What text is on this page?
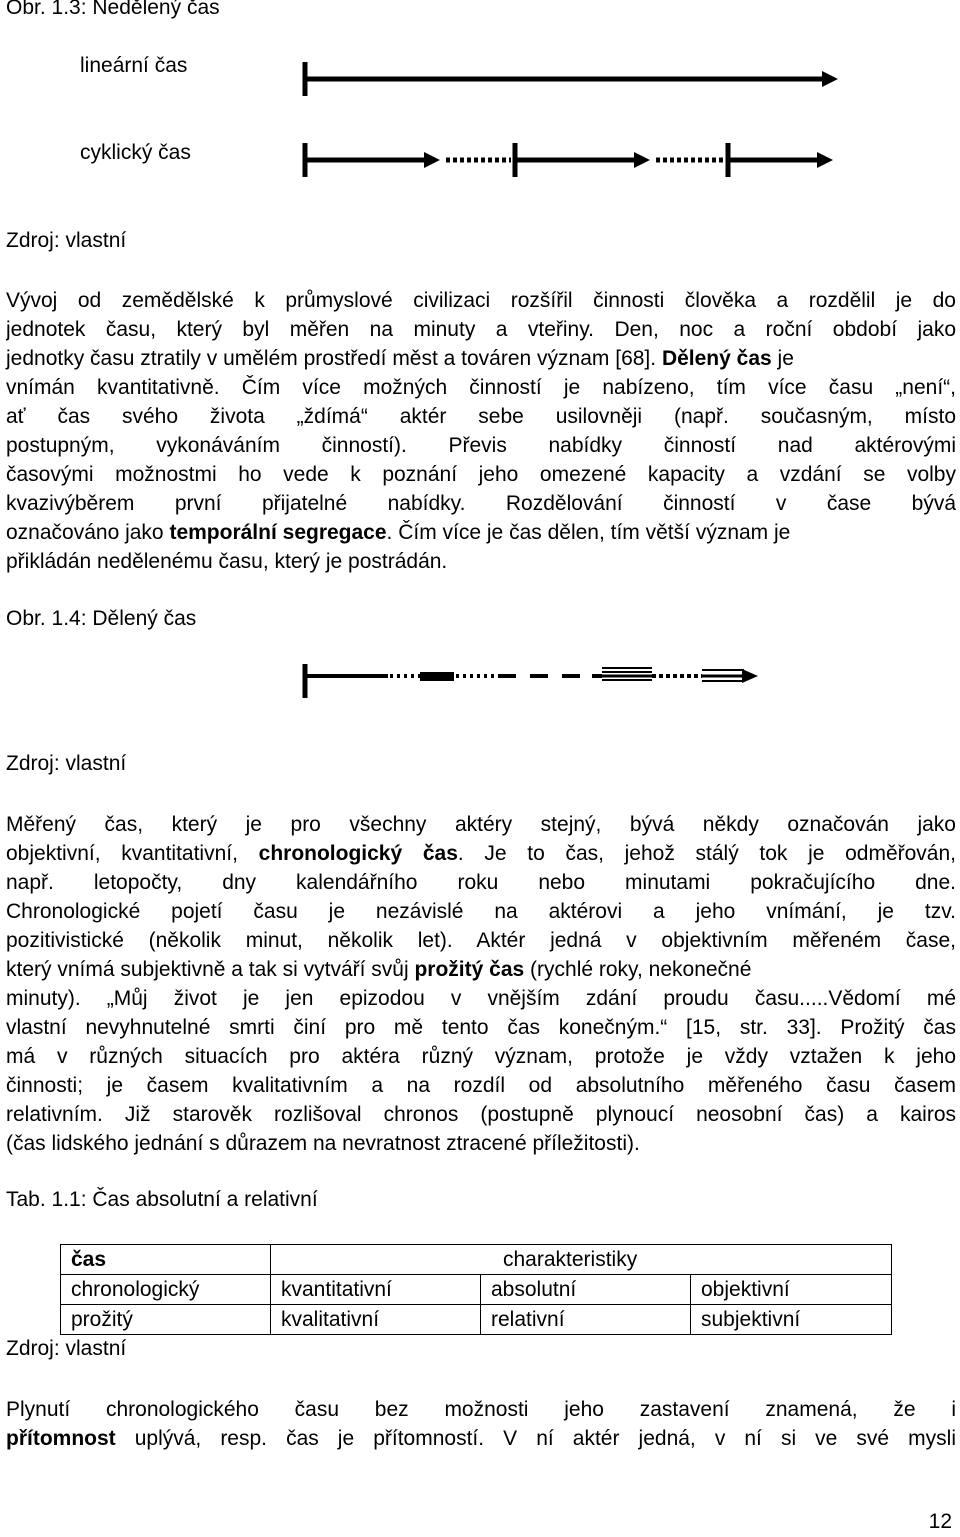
Obr. 1.3: Nedělený čas
lineární čas
cyklický čas
Zdroj: vlastní
Vývoj od zemědělské k průmyslové civilizaci rozšířil činnosti člověka a rozdělil je do
jednotek času, který byl měřen na minuty a vteřiny. Den, noc a roční období jako
jednotky času ztratily v umělém prostředí měst a továren význam [68]. Dělený čas je
vnímán kvantitativně. Čím více možných činností je nabízeno, tím více času „není“,
ať čas svého života „ždímá“ aktér sebe usilovněji (např. současným, místo
postupným, vykonáváním činností). Převis nabídky činností nad aktérovými
časovými možnostmi ho vede k poznání jeho omezené kapacity a vzdání se volby
kvazivýběrem první přijatelné nabídky. Rozdělování činností v čase bývá
označováno jako temporální segregace. Čím více je čas dělen, tím větší význam je
přikládán nedělenému času, který je postrádán.
Obr. 1.4: Dělený čas
Zdroj: vlastní
Měřený čas, který je pro všechny aktéry stejný, bývá někdy označován jako
objektivní, kvantitativní, chronologický čas. Je to čas, jehož stálý tok je odměřován,
např. letopočty, dny kalendářního roku nebo minutami pokračujícího dne.
Chronologické pojetí času je nezávislé na aktérovi a jeho vnímání, je tzv.
pozitivistické (několik minut, několik let). Aktér jedná v objektivním měřeném čase,
který vnímá subjektivně a tak si vytváří svůj prožitý čas (rychlé roky, nekonečné
minuty). „Můj život je jen epizodou v vnějším zdání proudu času.....Vědomí mé
vlastní nevyhnutelné smrti činí pro mě tento čas konečným.“ [15, str. 33]. Prožitý čas
má v různých situacích pro aktéra různý význam, protože je vždy vztažen k jeho
činnosti; je časem kvalitativním a na rozdíl od absolutního měřeného času časem
relativním. Již starověk rozlišoval chronos (postupně plynoucí neosobní čas) a kairos
(čas lidského jednání s důrazem na nevratnost ztracené příležitosti).
Tab. 1.1: Čas absolutní a relativní
čas	charakteristiky		
chronologický	kvantitativní	absolutní	objektivní
prožitý	kvalitativní	relativní	subjektivní
Zdroj: vlastní
Plynutí chronologického času bez možnosti jeho zastavení znamená, že i
přítomnost uplývá, resp. čas je přítomností. V ní aktér jedná, v ní si ve své mysli
12
